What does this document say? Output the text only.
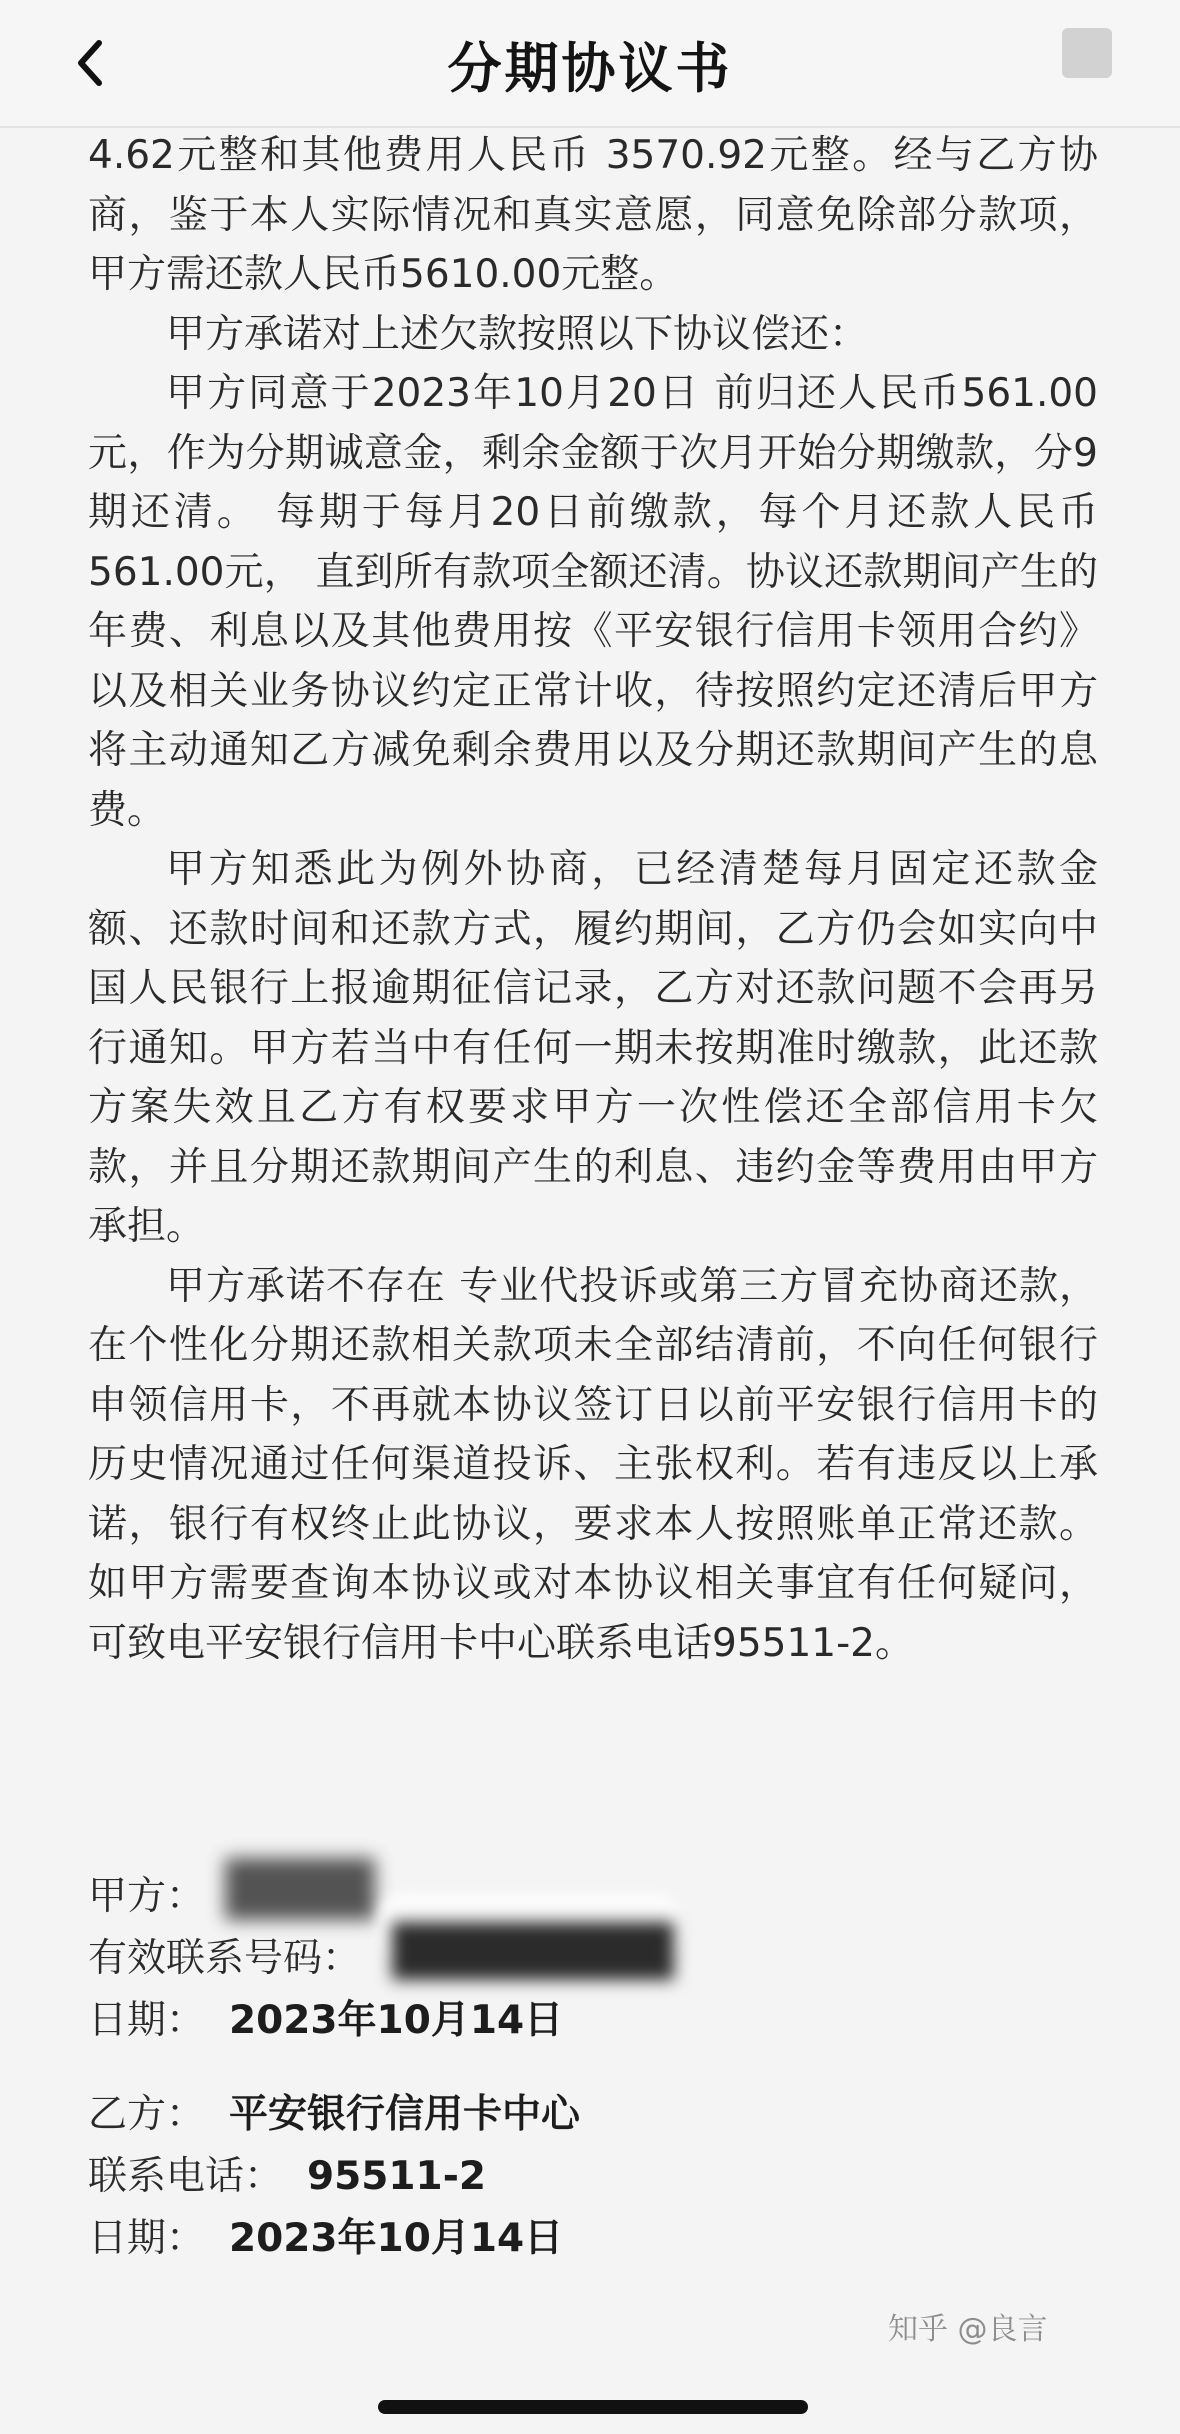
分期协议书

4.62元整和其他费用人民币 3570.92元整。经与乙方协商，鉴于本人实际情况和真实意愿，同意免除部分款项，甲方需还款人民币5610.00元整。

甲方承诺对上述欠款按照以下协议偿还：

甲方同意于2023年10月20日 前归还人民币561.00元，作为分期诚意金，剩余金额于次月开始分期缴款，分9期还清。 每期于每月20日前缴款，每个月还款人民币561.00元， 直到所有款项全额还清。协议还款期间产生的年费、利息以及其他费用按《平安银行信用卡领用合约》以及相关业务协议约定正常计收，待按照约定还清后甲方将主动通知乙方减免剩余费用以及分期还款期间产生的息费。

甲方知悉此为例外协商，已经清楚每月固定还款金额、还款时间和还款方式，履约期间，乙方仍会如实向中国人民银行上报逾期征信记录，乙方对还款问题不会再另行通知。甲方若当中有任何一期未按期准时缴款，此还款方案失效且乙方有权要求甲方一次性偿还全部信用卡欠款，并且分期还款期间产生的利息、违约金等费用由甲方承担。

甲方承诺不存在 专业代投诉或第三方冒充协商还款，在个性化分期还款相关款项未全部结清前，不向任何银行申领信用卡，不再就本协议签订日以前平安银行信用卡的历史情况通过任何渠道投诉、主张权利。若有违反以上承诺，银行有权终止此协议，要求本人按照账单正常还款。如甲方需要查询本协议或对本协议相关事宜有任何疑问，可致电平安银行信用卡中心联系电话95511-2。

甲方：
有效联系号码：
日期： 2023年10月14日
乙方： 平安银行信用卡中心
联系电话： 95511-2
日期： 2023年10月14日
知乎 @良言
